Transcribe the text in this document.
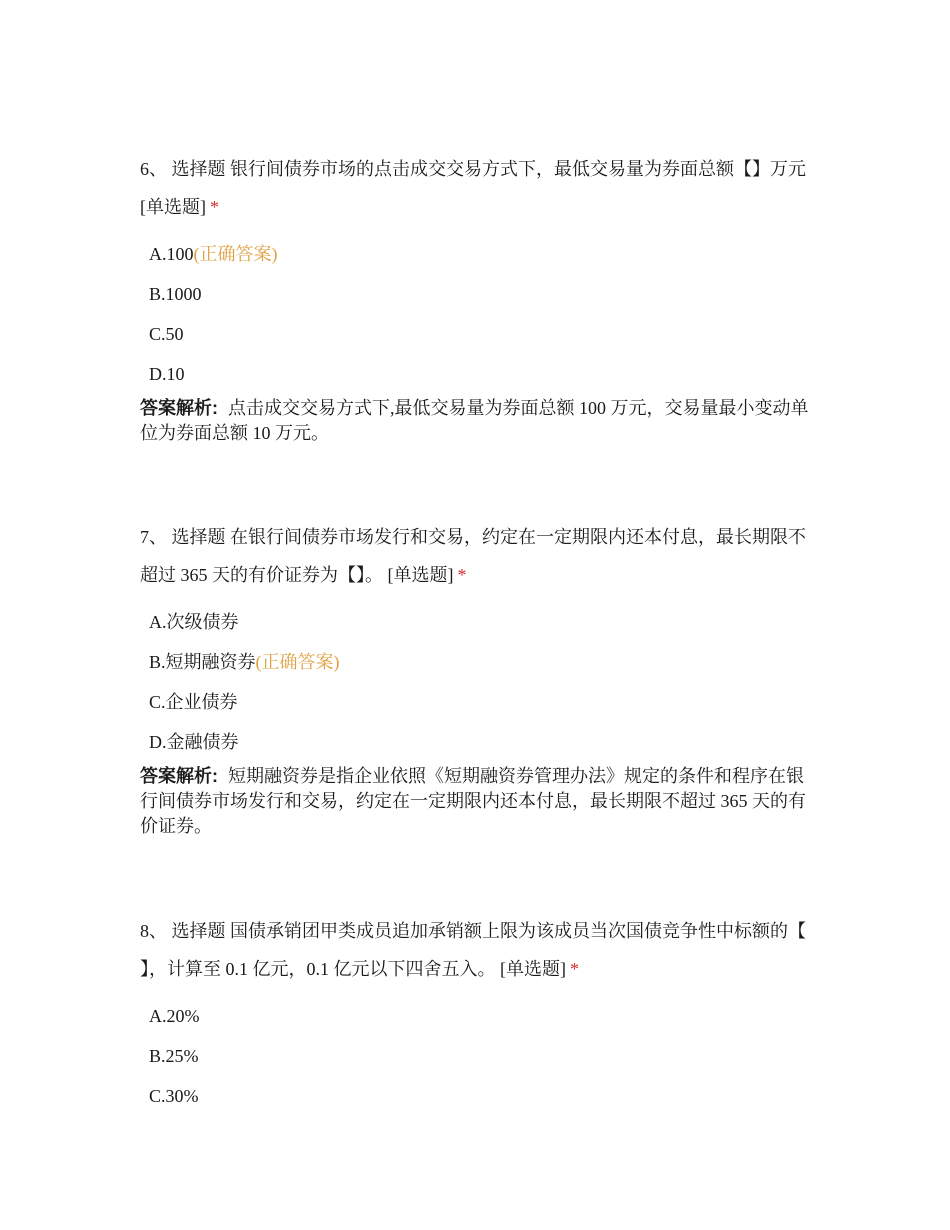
6、 选择题 银行间债券市场的点击成交交易方式下，最低交易量为券面总额【】万元 [单选题] *

A.100(正确答案)
B.1000
C.50
D.10
答案解析: 点击成交交易方式下,最低交易量为券面总额 100 万元，交易量最小变动单位为券面总额 10 万元。

7、 选择题 在银行间债券市场发行和交易，约定在一定期限内还本付息，最长期限不超过 365 天的有价证券为【】。 [单选题] *

A.次级债券
B.短期融资券(正确答案)
C.企业债券
D.金融债券
答案解析: 短期融资券是指企业依照《短期融资券管理办法》规定的条件和程序在银行间债券市场发行和交易，约定在一定期限内还本付息，最长期限不超过 365 天的有价证券。

8、 选择题 国债承销团甲类成员追加承销额上限为该成员当次国债竞争性中标额的【 】，计算至 0.1 亿元，0.1 亿元以下四舍五入。 [单选题] *

A.20%
B.25%
C.30%
